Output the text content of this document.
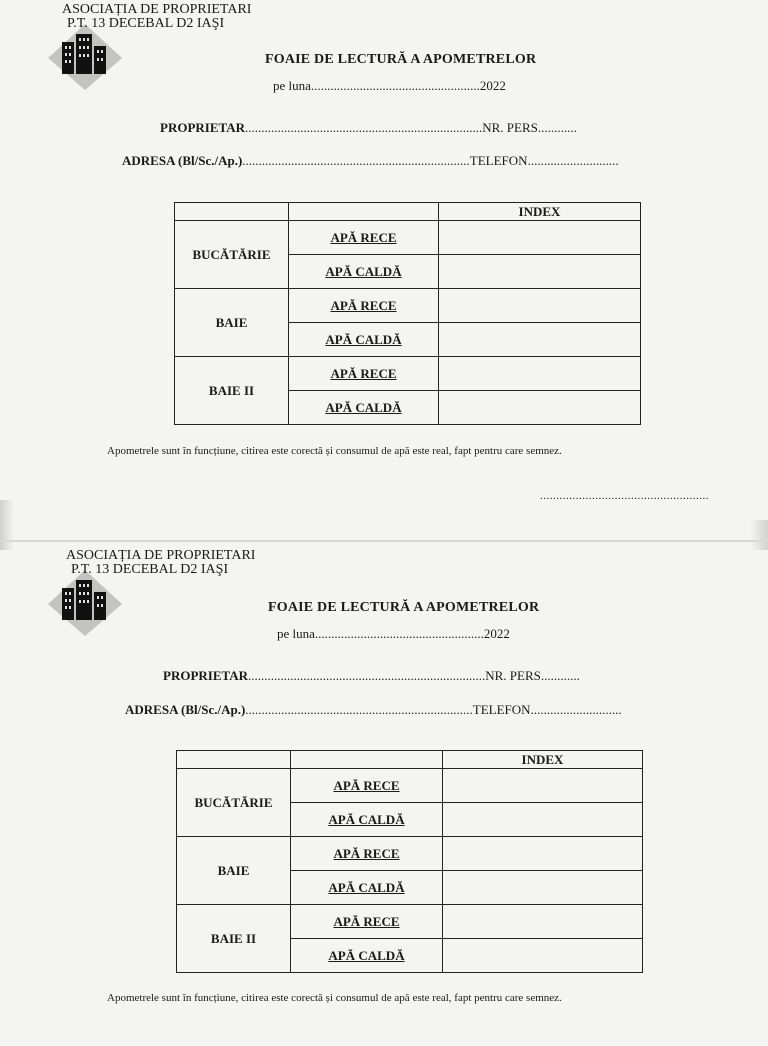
ASOCIAȚIA DE PROPRIETARI
P.T. 13 DECEBAL D2 IAŞI
FOAIE DE LECTURĂ A APOMETRELOR
pe luna....................................................2022
PROPRIETAR.........................................................................NR. PERS............
ADRESA (Bl/Sc./Ap.)......................................................................TELEFON............................
		INDEX
BUCĂTĂRIE	APĂ RECE	
	APĂ CALDĂ	
BAIE	APĂ RECE	
	APĂ CALDĂ	
BAIE II	APĂ RECE	
	APĂ CALDĂ	
Apometrele sunt în funcțiune, citirea este corectă și consumul de apă este real, fapt pentru care semnez.
....................................................
ASOCIAȚIA DE PROPRIETARI
P.T. 13 DECEBAL D2 IAŞI
FOAIE DE LECTURĂ A APOMETRELOR
pe luna....................................................2022
PROPRIETAR.........................................................................NR. PERS............
ADRESA (Bl/Sc./Ap.)......................................................................TELEFON............................
		INDEX
BUCĂTĂRIE	APĂ RECE	
	APĂ CALDĂ	
BAIE	APĂ RECE	
	APĂ CALDĂ	
BAIE II	APĂ RECE	
	APĂ CALDĂ	
Apometrele sunt în funcțiune, citirea este corectă și consumul de apă este real, fapt pentru care semnez.
